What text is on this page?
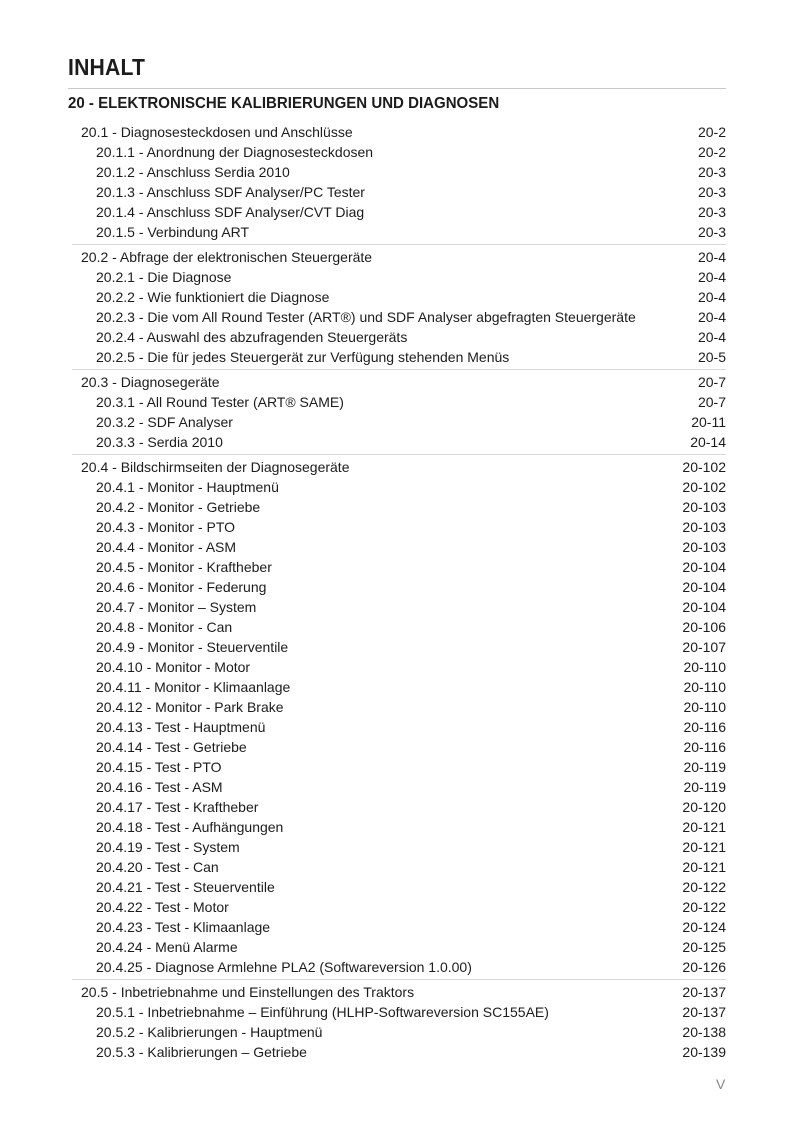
INHALT
20 - ELEKTRONISCHE KALIBRIERUNGEN UND DIAGNOSEN
20.1 - Diagnosesteckdosen und Anschlüsse	20-2
20.1.1 - Anordnung der Diagnosesteckdosen	20-2
20.1.2 - Anschluss Serdia 2010	20-3
20.1.3 - Anschluss SDF Analyser/PC Tester	20-3
20.1.4 - Anschluss SDF Analyser/CVT Diag	20-3
20.1.5 - Verbindung ART	20-3
20.2 - Abfrage der elektronischen Steuergeräte	20-4
20.2.1 - Die Diagnose	20-4
20.2.2 - Wie funktioniert die Diagnose	20-4
20.2.3 - Die vom All Round Tester (ART®) und SDF Analyser abgefragten Steuergeräte	20-4
20.2.4 - Auswahl des abzufragenden Steuergeräts	20-4
20.2.5 - Die für jedes Steuergerät zur Verfügung stehenden Menüs	20-5
20.3 - Diagnosegeräte	20-7
20.3.1 - All Round Tester (ART® SAME)	20-7
20.3.2 - SDF Analyser	20-11
20.3.3 - Serdia 2010	20-14
20.4 - Bildschirmseiten der Diagnosegeräte	20-102
20.4.1 - Monitor - Hauptmenü	20-102
20.4.2 - Monitor - Getriebe	20-103
20.4.3 - Monitor - PTO	20-103
20.4.4 - Monitor - ASM	20-103
20.4.5 - Monitor - Kraftheber	20-104
20.4.6 - Monitor - Federung	20-104
20.4.7 - Monitor – System	20-104
20.4.8 - Monitor - Can	20-106
20.4.9 - Monitor - Steuerventile	20-107
20.4.10 - Monitor - Motor	20-110
20.4.11 - Monitor - Klimaanlage	20-110
20.4.12 - Monitor - Park Brake	20-110
20.4.13 - Test - Hauptmenü	20-116
20.4.14 - Test - Getriebe	20-116
20.4.15 - Test - PTO	20-119
20.4.16 - Test - ASM	20-119
20.4.17 - Test - Kraftheber	20-120
20.4.18 - Test - Aufhängungen	20-121
20.4.19 - Test - System	20-121
20.4.20 - Test - Can	20-121
20.4.21 - Test - Steuerventile	20-122
20.4.22 - Test - Motor	20-122
20.4.23 - Test - Klimaanlage	20-124
20.4.24 - Menü Alarme	20-125
20.4.25 - Diagnose Armlehne PLA2 (Softwareversion 1.0.00)	20-126
20.5 - Inbetriebnahme und Einstellungen des Traktors	20-137
20.5.1 - Inbetriebnahme – Einführung (HLHP-Softwareversion SC155AE)	20-137
20.5.2 - Kalibrierungen - Hauptmenü	20-138
20.5.3 - Kalibrierungen – Getriebe	20-139
V
